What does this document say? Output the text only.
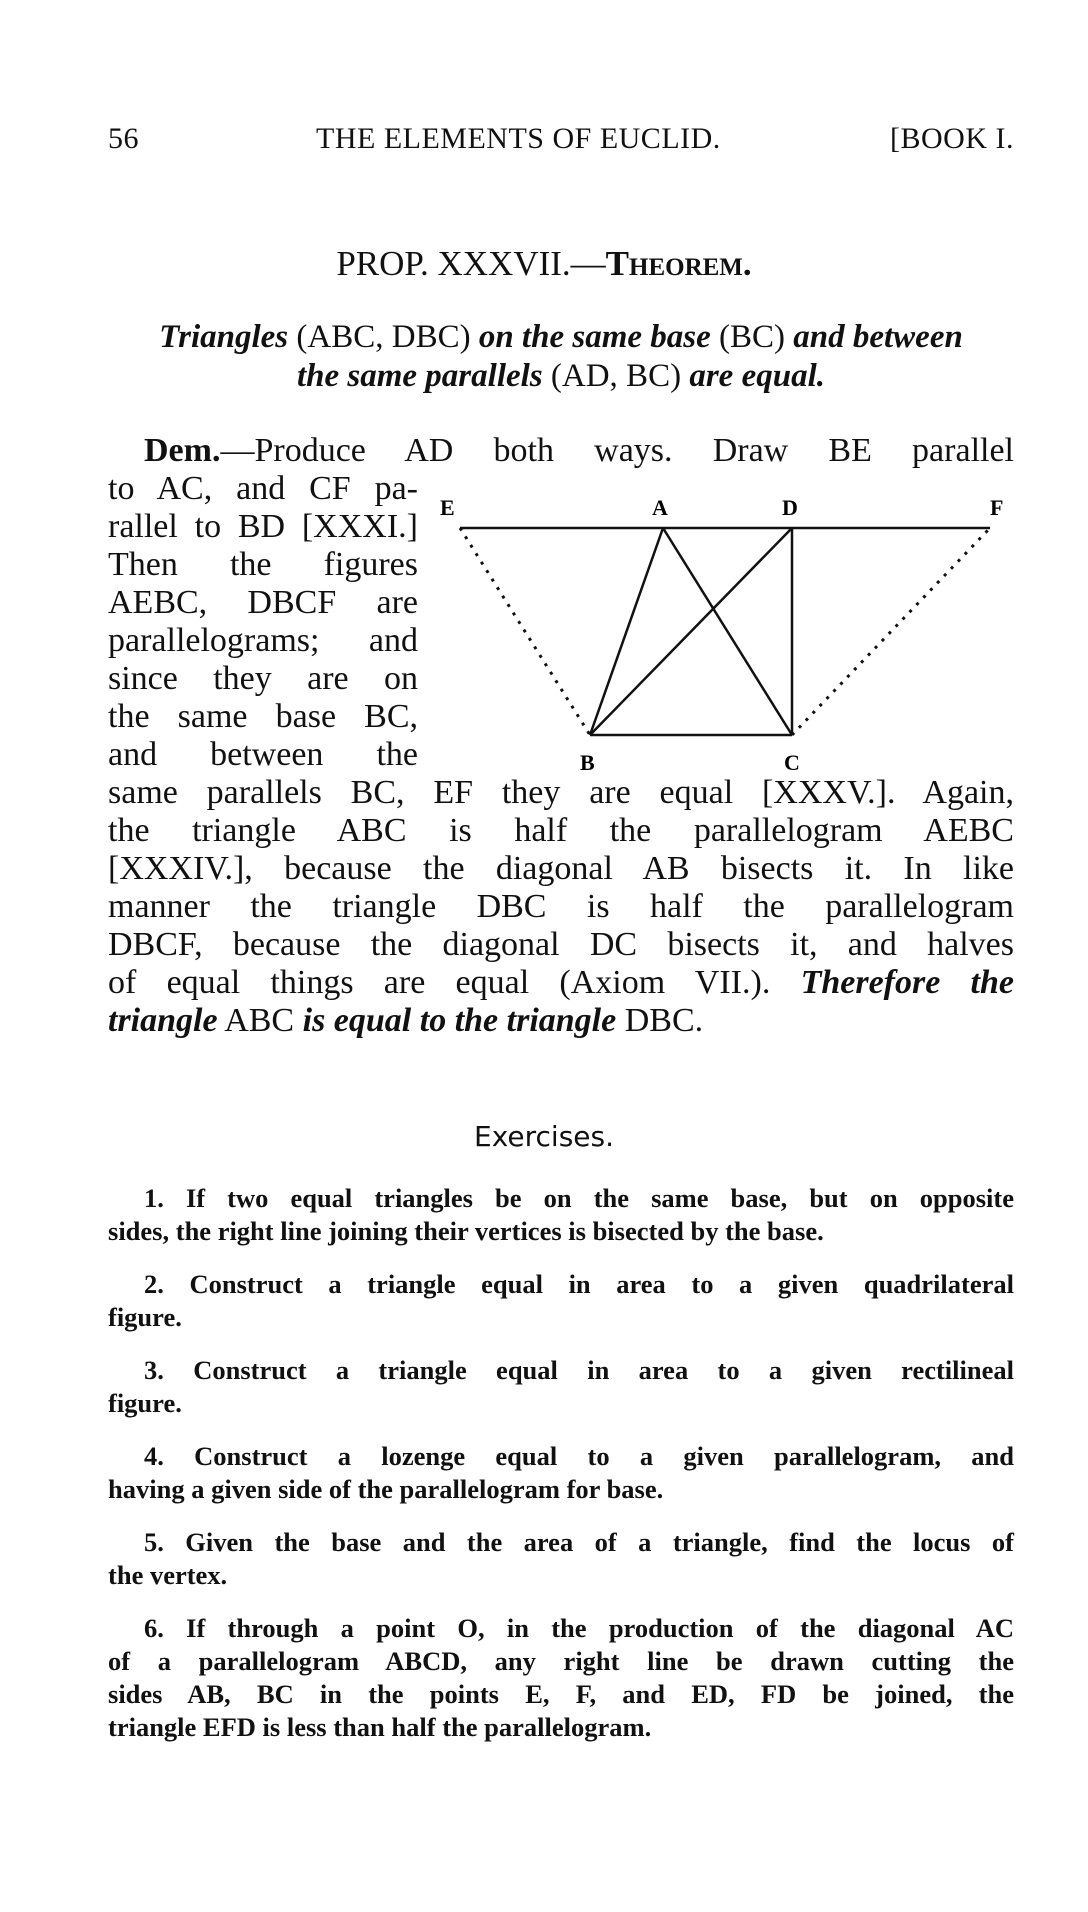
56	THE ELEMENTS OF EUCLID.	[BOOK I.
PROP. XXXVII.—Theorem.
Triangles (ABC, DBC) on the same base (BC) and between
the same parallels (AD, BC) are equal.
Dem.—Produce AD both ways. Draw BE parallel
to AC, and CF pa-
rallel to BD [XXXI.]
Then the figures
AEBC, DBCF are
parallelograms; and
since they are on
the same base BC,
and between the
same parallels BC, EF they are equal [XXXV.]. Again,
the triangle ABC is half the parallelogram AEBC
[XXXIV.], because the diagonal AB bisects it. In like
manner the triangle DBC is half the parallelogram
DBCF, because the diagonal DC bisects it, and halves
of equal things are equal (Axiom VII.). Therefore the
triangle ABC is equal to the triangle DBC.
E	A	D	F
B	C
Exercises.
1. If two equal triangles be on the same base, but on opposite
sides, the right line joining their vertices is bisected by the base.
2. Construct a triangle equal in area to a given quadrilateral
figure.
3. Construct a triangle equal in area to a given rectilineal
figure.
4. Construct a lozenge equal to a given parallelogram, and
having a given side of the parallelogram for base.
5. Given the base and the area of a triangle, find the locus of
the vertex.
6. If through a point O, in the production of the diagonal AC
of a parallelogram ABCD, any right line be drawn cutting the
sides AB, BC in the points E, F, and ED, FD be joined, the
triangle EFD is less than half the parallelogram.
